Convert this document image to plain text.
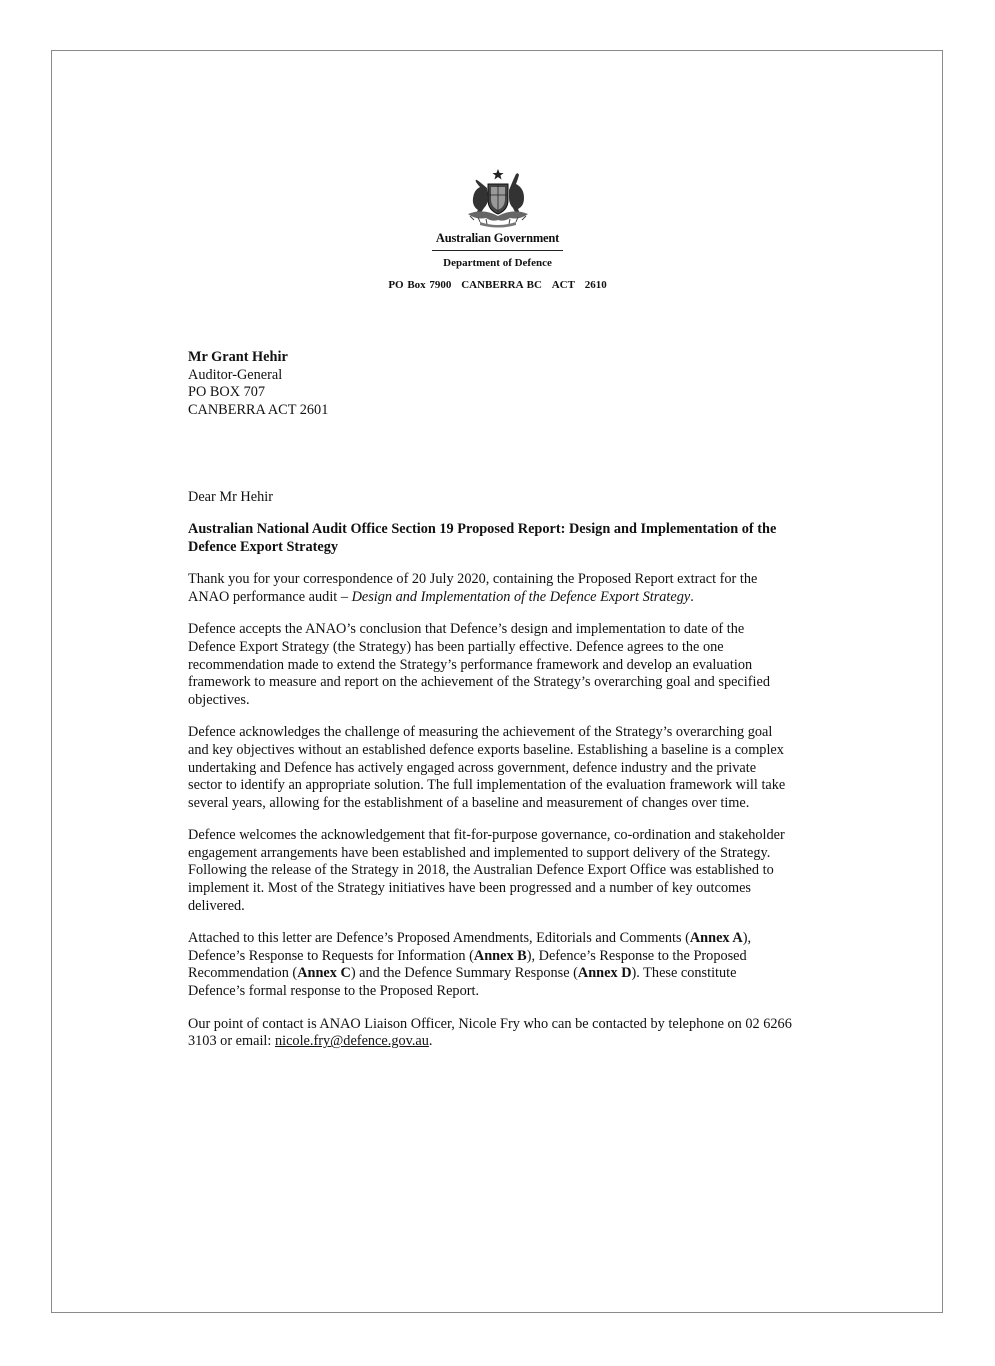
Australian Government
Department of Defence
PO Box 7900 CANBERRA BC ACT 2610

Mr Grant Hehir

Auditor-General

PO BOX 707

CANBERRA ACT 2601

Dear Mr Hehir

Australian National Audit Office Section 19 Proposed Report: Design and Implementation of the Defence Export Strategy

Thank you for your correspondence of 20 July 2020, containing the Proposed Report extract for the ANAO performance audit – Design and Implementation of the Defence Export Strategy.

Defence accepts the ANAO’s conclusion that Defence’s design and implementation to date of the Defence Export Strategy (the Strategy) has been partially effective. Defence agrees to the one recommendation made to extend the Strategy’s performance framework and develop an evaluation framework to measure and report on the achievement of the Strategy’s overarching goal and specified objectives.

Defence acknowledges the challenge of measuring the achievement of the Strategy’s overarching goal and key objectives without an established defence exports baseline. Establishing a baseline is a complex undertaking and Defence has actively engaged across government, defence industry and the private sector to identify an appropriate solution. The full implementation of the evaluation framework will take several years, allowing for the establishment of a baseline and measurement of changes over time.

Defence welcomes the acknowledgement that fit-for-purpose governance, co-ordination and stakeholder engagement arrangements have been established and implemented to support delivery of the Strategy. Following the release of the Strategy in 2018, the Australian Defence Export Office was established to implement it. Most of the Strategy initiatives have been progressed and a number of key outcomes delivered.

Attached to this letter are Defence’s Proposed Amendments, Editorials and Comments (Annex A), Defence’s Response to Requests for Information (Annex B), Defence’s Response to the Proposed Recommendation (Annex C) and the Defence Summary Response (Annex D). These constitute Defence’s formal response to the Proposed Report.

Our point of contact is ANAO Liaison Officer, Nicole Fry who can be contacted by telephone on 02 6266 3103 or email: nicole.fry@defence.gov.au.
